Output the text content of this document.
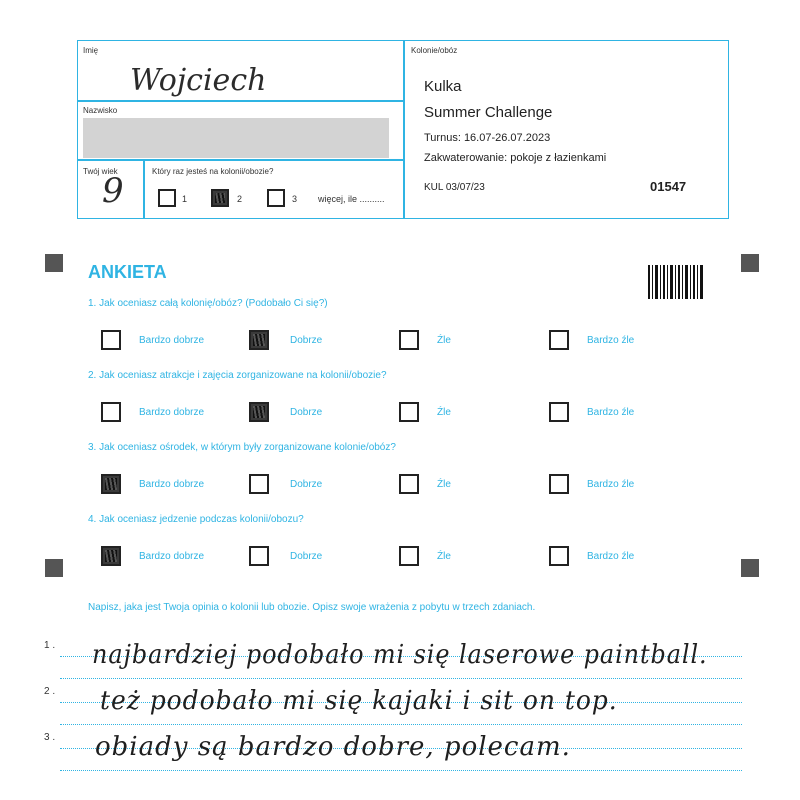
Imię
Wojciech
Nazwisko
Twój wiek
9	Który raz jesteś na kolonii/obozie?
1	2	3 więcej, ile ..........
Kolonie/obóz
Kulka
Summer Challenge
Turnus: 16.07-26.07.2023
Zakwaterowanie: pokoje z łazienkami
KUL 03/07/23	01547
ANKIETA
1. Jak oceniasz całą kolonię/obóz? (Podobało Ci się?)
Bardzo dobrze	Dobrze	Źle	Bardzo źle
2. Jak oceniasz atrakcje i zajęcia zorganizowane na kolonii/obozie?
Bardzo dobrze	Dobrze	Źle	Bardzo źle
3. Jak oceniasz ośrodek, w którym były zorganizowane kolonie/obóz?
Bardzo dobrze	Dobrze	Źle	Bardzo źle
4. Jak oceniasz jedzenie podczas kolonii/obozu?
Bardzo dobrze	Dobrze	Źle	Bardzo źle
Napisz, jaka jest Twoja opinia o kolonii lub obozie. Opisz swoje wrażenia z pobytu w trzech zdaniach.
1 .
2 .
3 .
najbardziej podobało mi się laserowe paintball.
też podobało mi się kajaki i sit on top.
obiady są bardzo dobre, polecam.
